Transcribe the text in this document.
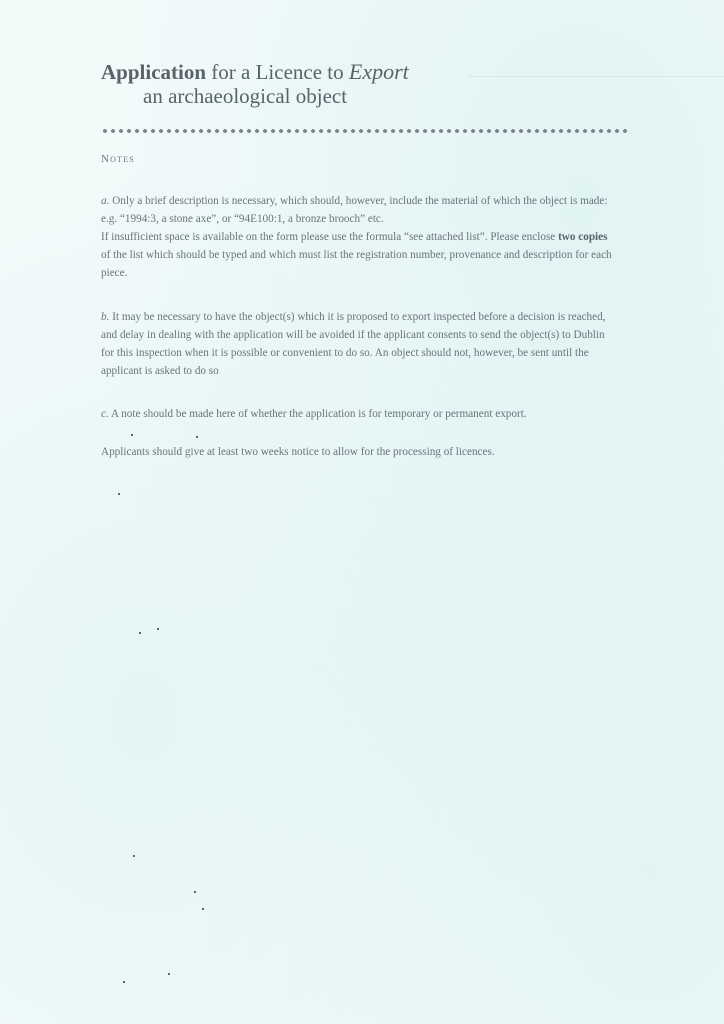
Application for a Licence to Export
an archaeological object
Notes

a. Only a brief description is necessary, which should, however, include the material of which the object is made: e.g. “1994:3, a stone axe”, or “94E100:1, a bronze brooch” etc.

If insufficient space is available on the form please use the formula “see attached list”. Please enclose two copies of the list which should be typed and which must list the registration number, provenance and description for each piece.

b. It may be necessary to have the object(s) which it is proposed to export inspected before a decision is reached, and delay in dealing with the application will be avoided if the applicant consents to send the object(s) to Dublin for this inspection when it is possible or convenient to do so. An object should not, however, be sent until the applicant is asked to do so

c. A note should be made here of whether the application is for temporary or permanent export.

Applicants should give at least two weeks notice to allow for the processing of licences.
